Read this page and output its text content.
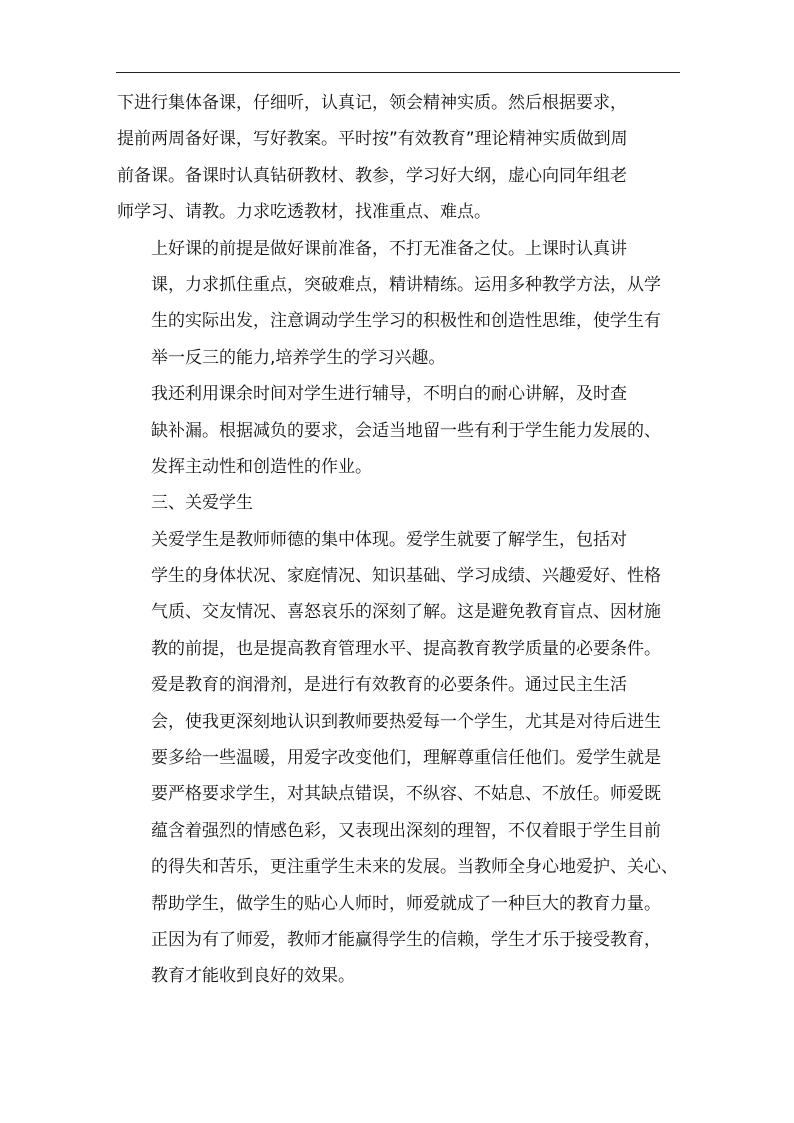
下进行集体备课，仔细听，认真记，领会精神实质。然后根据要求，
提前两周备好课，写好教案。平时按”有效教育”理论精神实质做到周
前备课。备课时认真钻研教材、教参，学习好大纲，虚心向同年组老
师学习、请教。力求吃透教材，找准重点、难点。

上好课的前提是做好课前准备，不打无准备之仗。上课时认真讲
课，力求抓住重点，突破难点，精讲精练。运用多种教学方法，从学
生的实际出发，注意调动学生学习的积极性和创造性思维，使学生有
举一反三的能力,培养学生的学习兴趣。

我还利用课余时间对学生进行辅导，不明白的耐心讲解，及时查
缺补漏。根据减负的要求，会适当地留一些有利于学生能力发展的、
发挥主动性和创造性的作业。

三、关爱学生

关爱学生是教师师德的集中体现。爱学生就要了解学生，包括对
学生的身体状况、家庭情况、知识基础、学习成绩、兴趣爱好、性格
气质、交友情况、喜怒哀乐的深刻了解。这是避免教育盲点、因材施
教的前提，也是提高教育管理水平、提高教育教学质量的必要条件。

爱是教育的润滑剂，是进行有效教育的必要条件。通过民主生活
会，使我更深刻地认识到教师要热爱每一个学生，尤其是对待后进生
要多给一些温暖，用爱字改变他们，理解尊重信任他们。爱学生就是
要严格要求学生，对其缺点错误，不纵容、不姑息、不放任。师爱既
蕴含着强烈的情感色彩，又表现出深刻的理智，不仅着眼于学生目前
的得失和苦乐，更注重学生未来的发展。当教师全身心地爱护、关心、
帮助学生，做学生的贴心人师时，师爱就成了一种巨大的教育力量。
正因为有了师爱，教师才能赢得学生的信赖，学生才乐于接受教育，
教育才能收到良好的效果。
